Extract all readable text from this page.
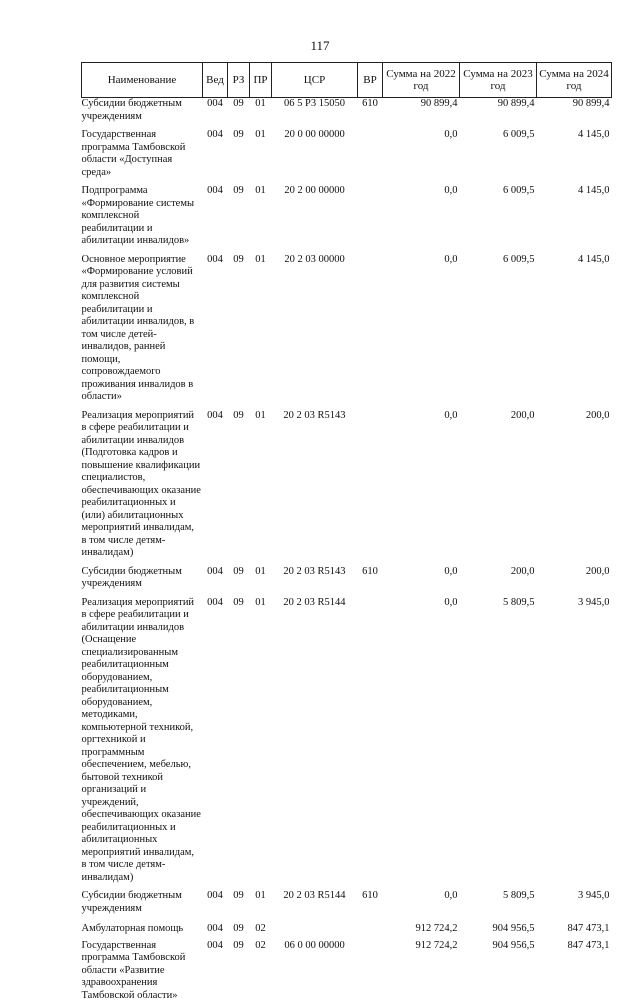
117
Наименование	Вед	РЗ	ПР	ЦСР	ВР	Сумма на 2022 год	Сумма на 2023 год	Сумма на 2024 год
Субсидии бюджетным учреждениям	004	09	01	06 5 Р3 15050	610	90 899,4	90 899,4	90 899,4
Государственная программа Тамбовской области «Доступная среда»	004	09	01	20 0 00 00000		0,0	6 009,5	4 145,0
Подпрограмма «Формирование системы комплексной реабилитации и абилитации инвалидов»	004	09	01	20 2 00 00000		0,0	6 009,5	4 145,0
Основное мероприятие «Формирование условий для развития системы комплексной реабилитации и абилитации инвалидов, в том числе детей-инвалидов, ранней помощи, сопровождаемого проживания инвалидов в области»	004	09	01	20 2 03 00000		0,0	6 009,5	4 145,0
Реализация мероприятий в сфере реабилитации и абилитации инвалидов (Подготовка кадров и повышение квалификации специалистов, обеспечивающих оказание реабилитационных и (или) абилитационных мероприятий инвалидам, в том числе детям-инвалидам)	004	09	01	20 2 03 R5143		0,0	200,0	200,0
Субсидии бюджетным учреждениям	004	09	01	20 2 03 R5143	610	0,0	200,0	200,0
Реализация мероприятий в сфере реабилитации и абилитации инвалидов (Оснащение специализированным реабилитационным оборудованием, реабилитационным оборудованием, методиками, компьютерной техникой, оргтехникой и программным обеспечением, мебелью, бытовой техникой организаций и учреждений, обеспечивающих оказание реабилитационных и абилитационных мероприятий инвалидам, в том числе детям-инвалидам)	004	09	01	20 2 03 R5144		0,0	5 809,5	3 945,0
Субсидии бюджетным учреждениям	004	09	01	20 2 03 R5144	610	0,0	5 809,5	3 945,0
Амбулаторная помощь	004	09	02			912 724,2	904 956,5	847 473,1
Государственная программа Тамбовской области «Развитие здравоохранения Тамбовской области»	004	09	02	06 0 00 00000		912 724,2	904 956,5	847 473,1
